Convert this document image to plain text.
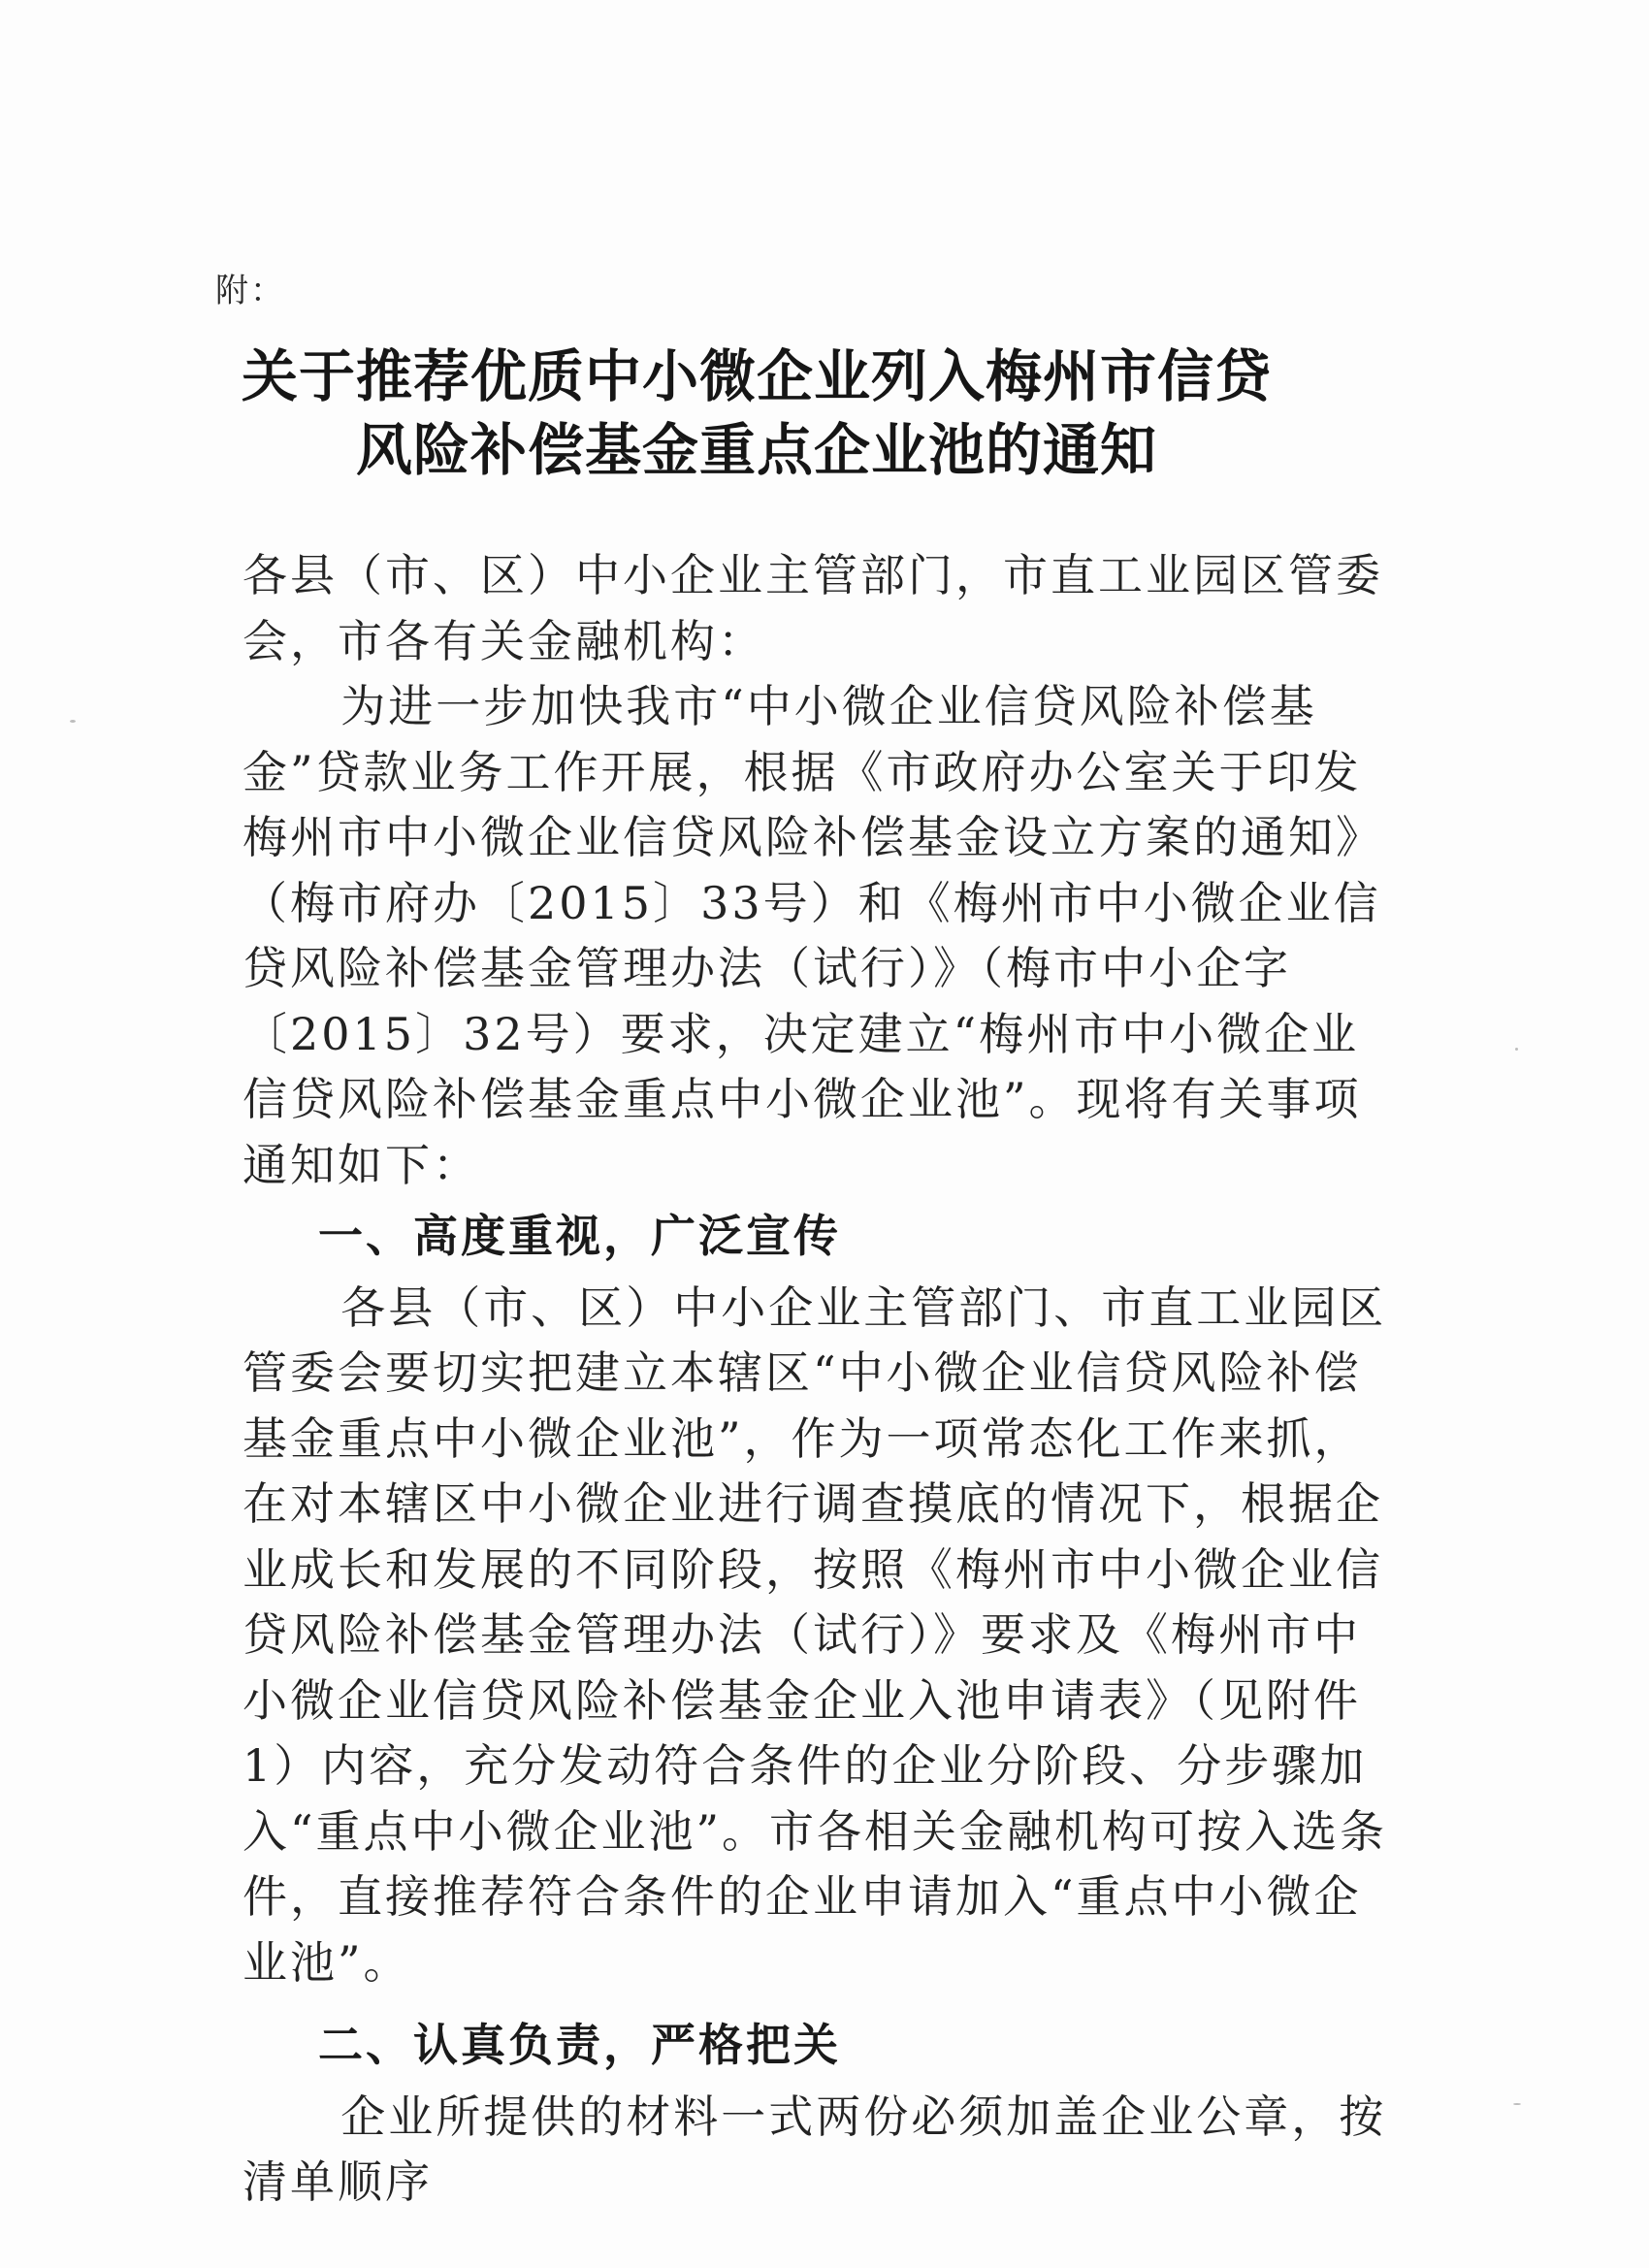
附：
关于推荐优质中小微企业列入梅州市信贷
风险补偿基金重点企业池的通知

各县（市、区）中小企业主管部门，市直工业园区管委会，市各有关金融机构：

为进一步加快我市“中小微企业信贷风险补偿基金”贷款业务工作开展，根据《市政府办公室关于印发梅州市中小微企业信贷风险补偿基金设立方案的通知》（梅市府办〔2015〕33号）和《梅州市中小微企业信贷风险补偿基金管理办法（试行）》（梅市中小企字〔2015〕32号）要求，决定建立“梅州市中小微企业信贷风险补偿基金重点中小微企业池”。现将有关事项通知如下：

一、高度重视，广泛宣传

各县（市、区）中小企业主管部门、市直工业园区管委会要切实把建立本辖区“中小微企业信贷风险补偿基金重点中小微企业池”，作为一项常态化工作来抓，在对本辖区中小微企业进行调查摸底的情况下，根据企业成长和发展的不同阶段，按照《梅州市中小微企业信贷风险补偿基金管理办法（试行）》要求及《梅州市中小微企业信贷风险补偿基金企业入池申请表》（见附件1）内容，充分发动符合条件的企业分阶段、分步骤加入“重点中小微企业池”。市各相关金融机构可按入选条件，直接推荐符合条件的企业申请加入“重点中小微企业池”。

二、认真负责，严格把关

企业所提供的材料一式两份必须加盖企业公章，按清单顺序
